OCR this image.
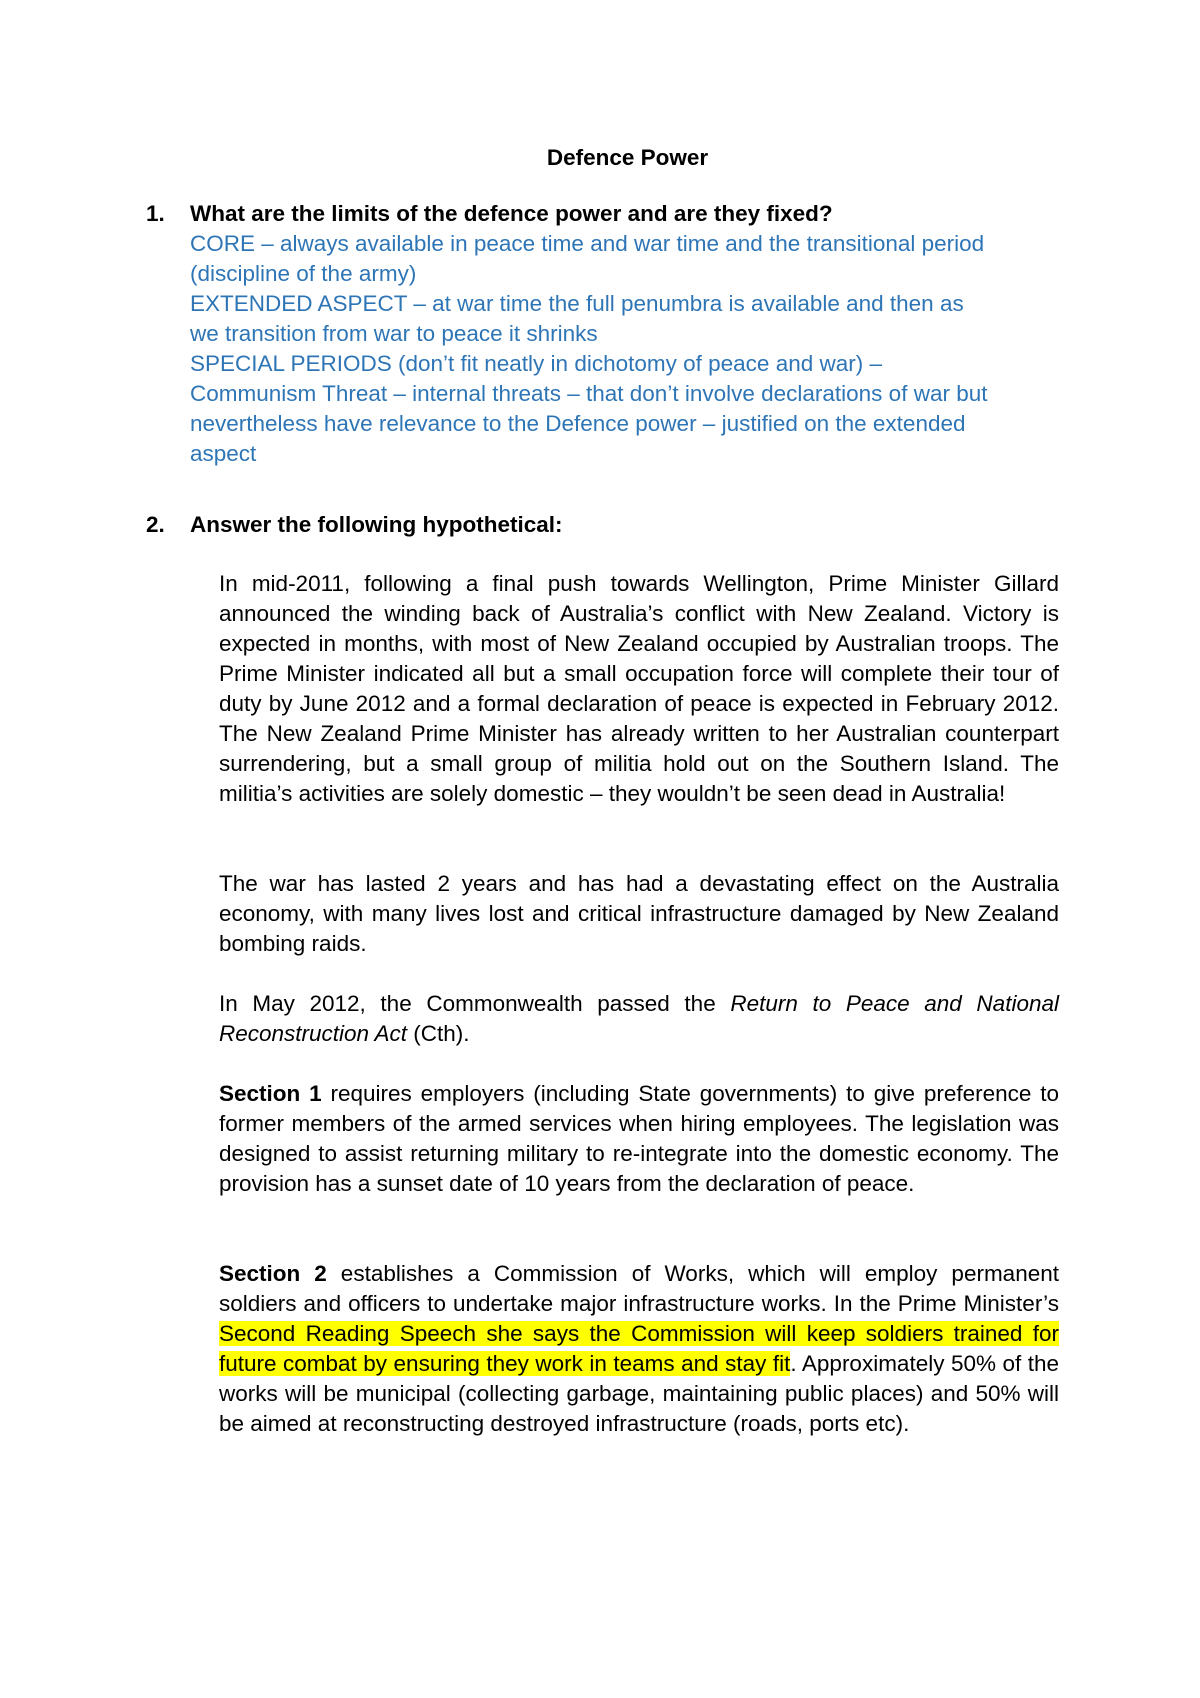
Defence Power
1. What are the limits of the defence power and are they fixed?
CORE – always available in peace time and war time and the transitional period
(discipline of the army)
EXTENDED ASPECT – at war time the full penumbra is available and then as
we transition from war to peace it shrinks
SPECIAL PERIODS (don’t fit neatly in dichotomy of peace and war) –
Communism Threat – internal threats – that don’t involve declarations of war but
nevertheless have relevance to the Defence power – justified on the extended
aspect
2. Answer the following hypothetical:

In mid-2011, following a final push towards Wellington, Prime Minister Gillard announced the winding back of Australia’s conflict with New Zealand. Victory is expected in months, with most of New Zealand occupied by Australian troops. The Prime Minister indicated all but a small occupation force will complete their tour of duty by June 2012 and a formal declaration of peace is expected in February 2012. The New Zealand Prime Minister has already written to her Australian counterpart surrendering, but a small group of militia hold out on the Southern Island. The militia’s activities are solely domestic – they wouldn’t be seen dead in Australia!

The war has lasted 2 years and has had a devastating effect on the Australia economy, with many lives lost and critical infrastructure damaged by New Zealand bombing raids.

In May 2012, the Commonwealth passed the Return to Peace and National Reconstruction Act (Cth).

Section 1 requires employers (including State governments) to give preference to former members of the armed services when hiring employees. The legislation was designed to assist returning military to re-integrate into the domestic economy. The provision has a sunset date of 10 years from the declaration of peace.

Section 2 establishes a Commission of Works, which will employ permanent soldiers and officers to undertake major infrastructure works. In the Prime Minister’s Second Reading Speech she says the Commission will keep soldiers trained for future combat by ensuring they work in teams and stay fit. Approximately 50% of the works will be municipal (collecting garbage, maintaining public places) and 50% will be aimed at reconstructing destroyed infrastructure (roads, ports etc).
